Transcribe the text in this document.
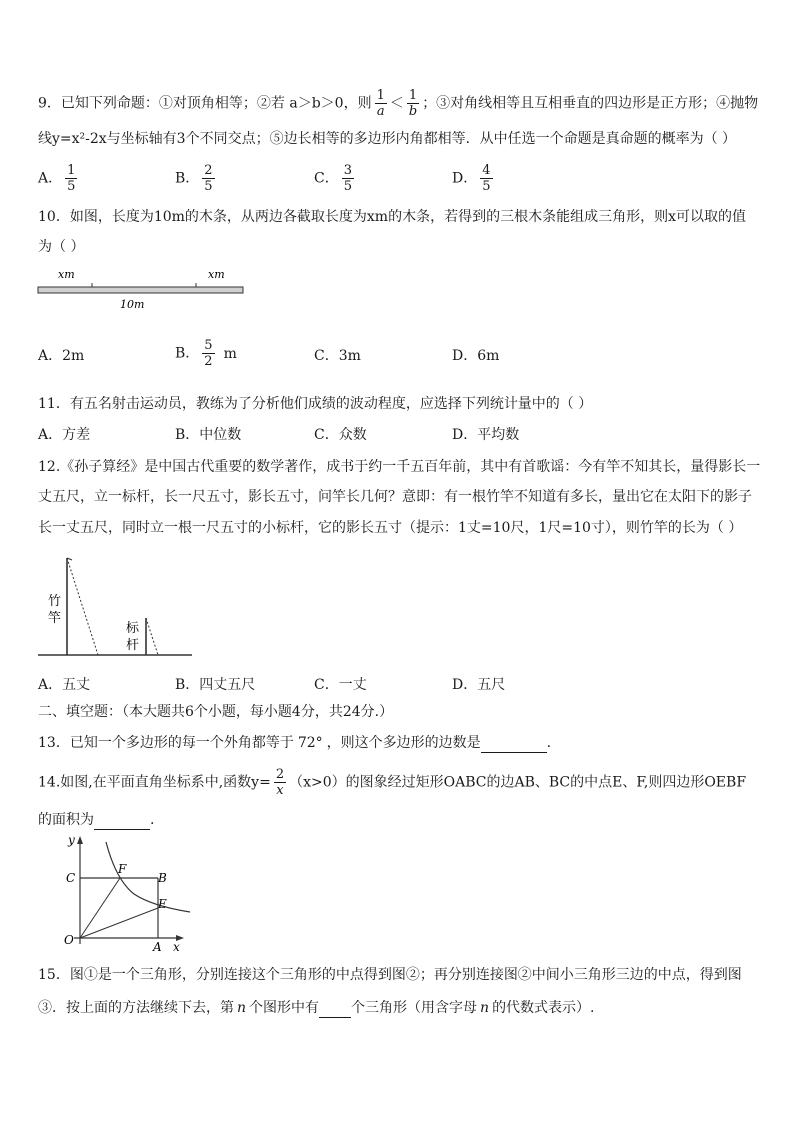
9．已知下列命题：①对顶角相等；②若 a＞b＞0，则 $\frac{1}{a} < \frac{1}{b}$ ；③对角线相等且互相垂直的四边形是正方形；④抛物
线y=x²-2x与坐标轴有3个不同交点；⑤边长相等的多边形内角都相等．从中任选一个命题是真命题的概率为（ ）
A． $\frac{1}{5}$	B． $\frac{2}{5}$	C． $\frac{3}{5}$	D． $\frac{4}{5}$
10．如图，长度为10m的木条，从两边各截取长度为xm的木条，若得到的三根木条能组成三角形，则x可以取的值
为（ ）
xm	xm
10m
A．2m	B． $\frac{5}{2}$ m	C．3m	D．6m
11．有五名射击运动员，教练为了分析他们成绩的波动程度，应选择下列统计量中的（ ）
A．方差	B．中位数	C．众数	D．平均数
12.《孙子算经》是中国古代重要的数学著作，成书于约一千五百年前，其中有首歌谣：今有竿不知其长，量得影长一
丈五尺，立一标杆，长一尺五寸，影长五寸，问竿长几何？意即：有一根竹竿不知道有多长，量出它在太阳下的影子
长一丈五尺，同时立一根一尺五寸的小标杆，它的影长五寸（提示：1丈=10尺，1尺=10寸），则竹竿的长为（ ）
竹
竿
标
杆
A．五丈	B．四丈五尺	C．一丈	D．五尺
二、填空题：（本大题共6个小题，每小题4分，共24分.）
13．已知一个多边形的每一个外角都等于 72° ，则这个多边形的边数是	.
14.如图,在平面直角坐标系中,函数$y= \frac{2}{x} (x>0)$的图象经过矩形OABC的边AB、BC的中点E、F,则四边形OEBF
的面积为	.
y
C
F
B
E
O	A x
15．图①是一个三角形，分别连接这个三角形的中点得到图②；再分别连接图②中间小三角形三边的中点，得到图
③．按上面的方法继续下去，第 n 个图形中有 个三角形（用含字母 n 的代数式表示）.
